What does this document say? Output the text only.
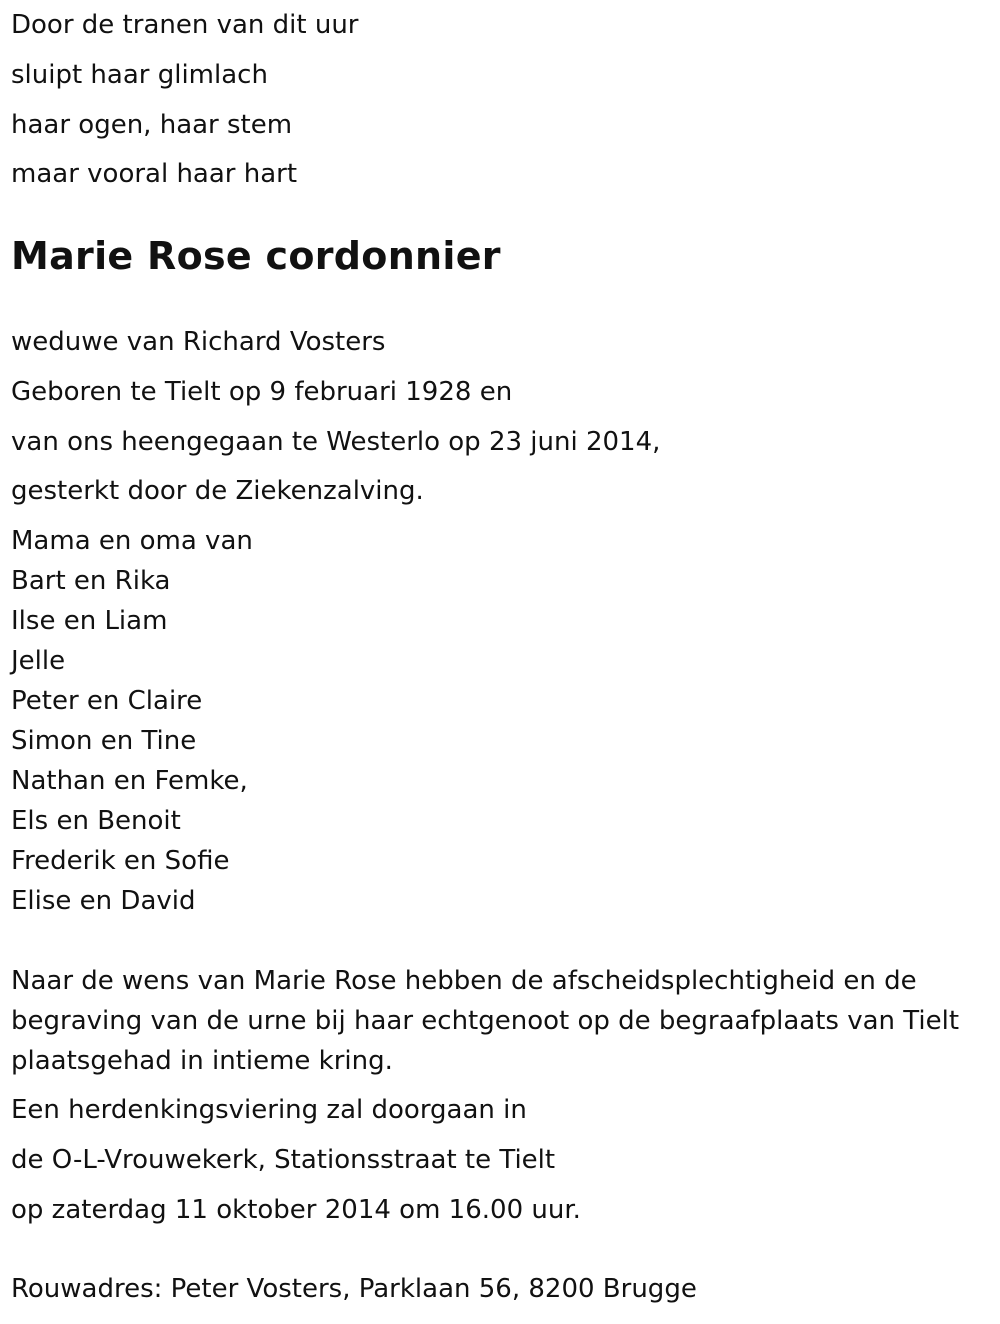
Door de tranen van dit uur

sluipt haar glimlach

haar ogen, haar stem

maar vooral haar hart

Marie Rose cordonnier

weduwe van Richard Vosters

Geboren te Tielt op 9 februari 1928 en

van ons heengegaan te Westerlo op 23 juni 2014,

gesterkt door de Ziekenzalving.

Mama en oma van

Bart en Rika

Ilse en Liam

Jelle

Peter en Claire

Simon en Tine

Nathan en Femke,

Els en Benoit

Frederik en Sofie

Elise en David

Naar de wens van Marie Rose hebben de afscheidsplechtigheid en de begraving van de urne bij haar echtgenoot op de begraafplaats van Tielt plaatsgehad in intieme kring.

Een herdenkingsviering zal doorgaan in

de O-L-Vrouwekerk, Stationsstraat te Tielt

op zaterdag 11 oktober 2014 om 16.00 uur.

Rouwadres: Peter Vosters, Parklaan 56, 8200 Brugge
